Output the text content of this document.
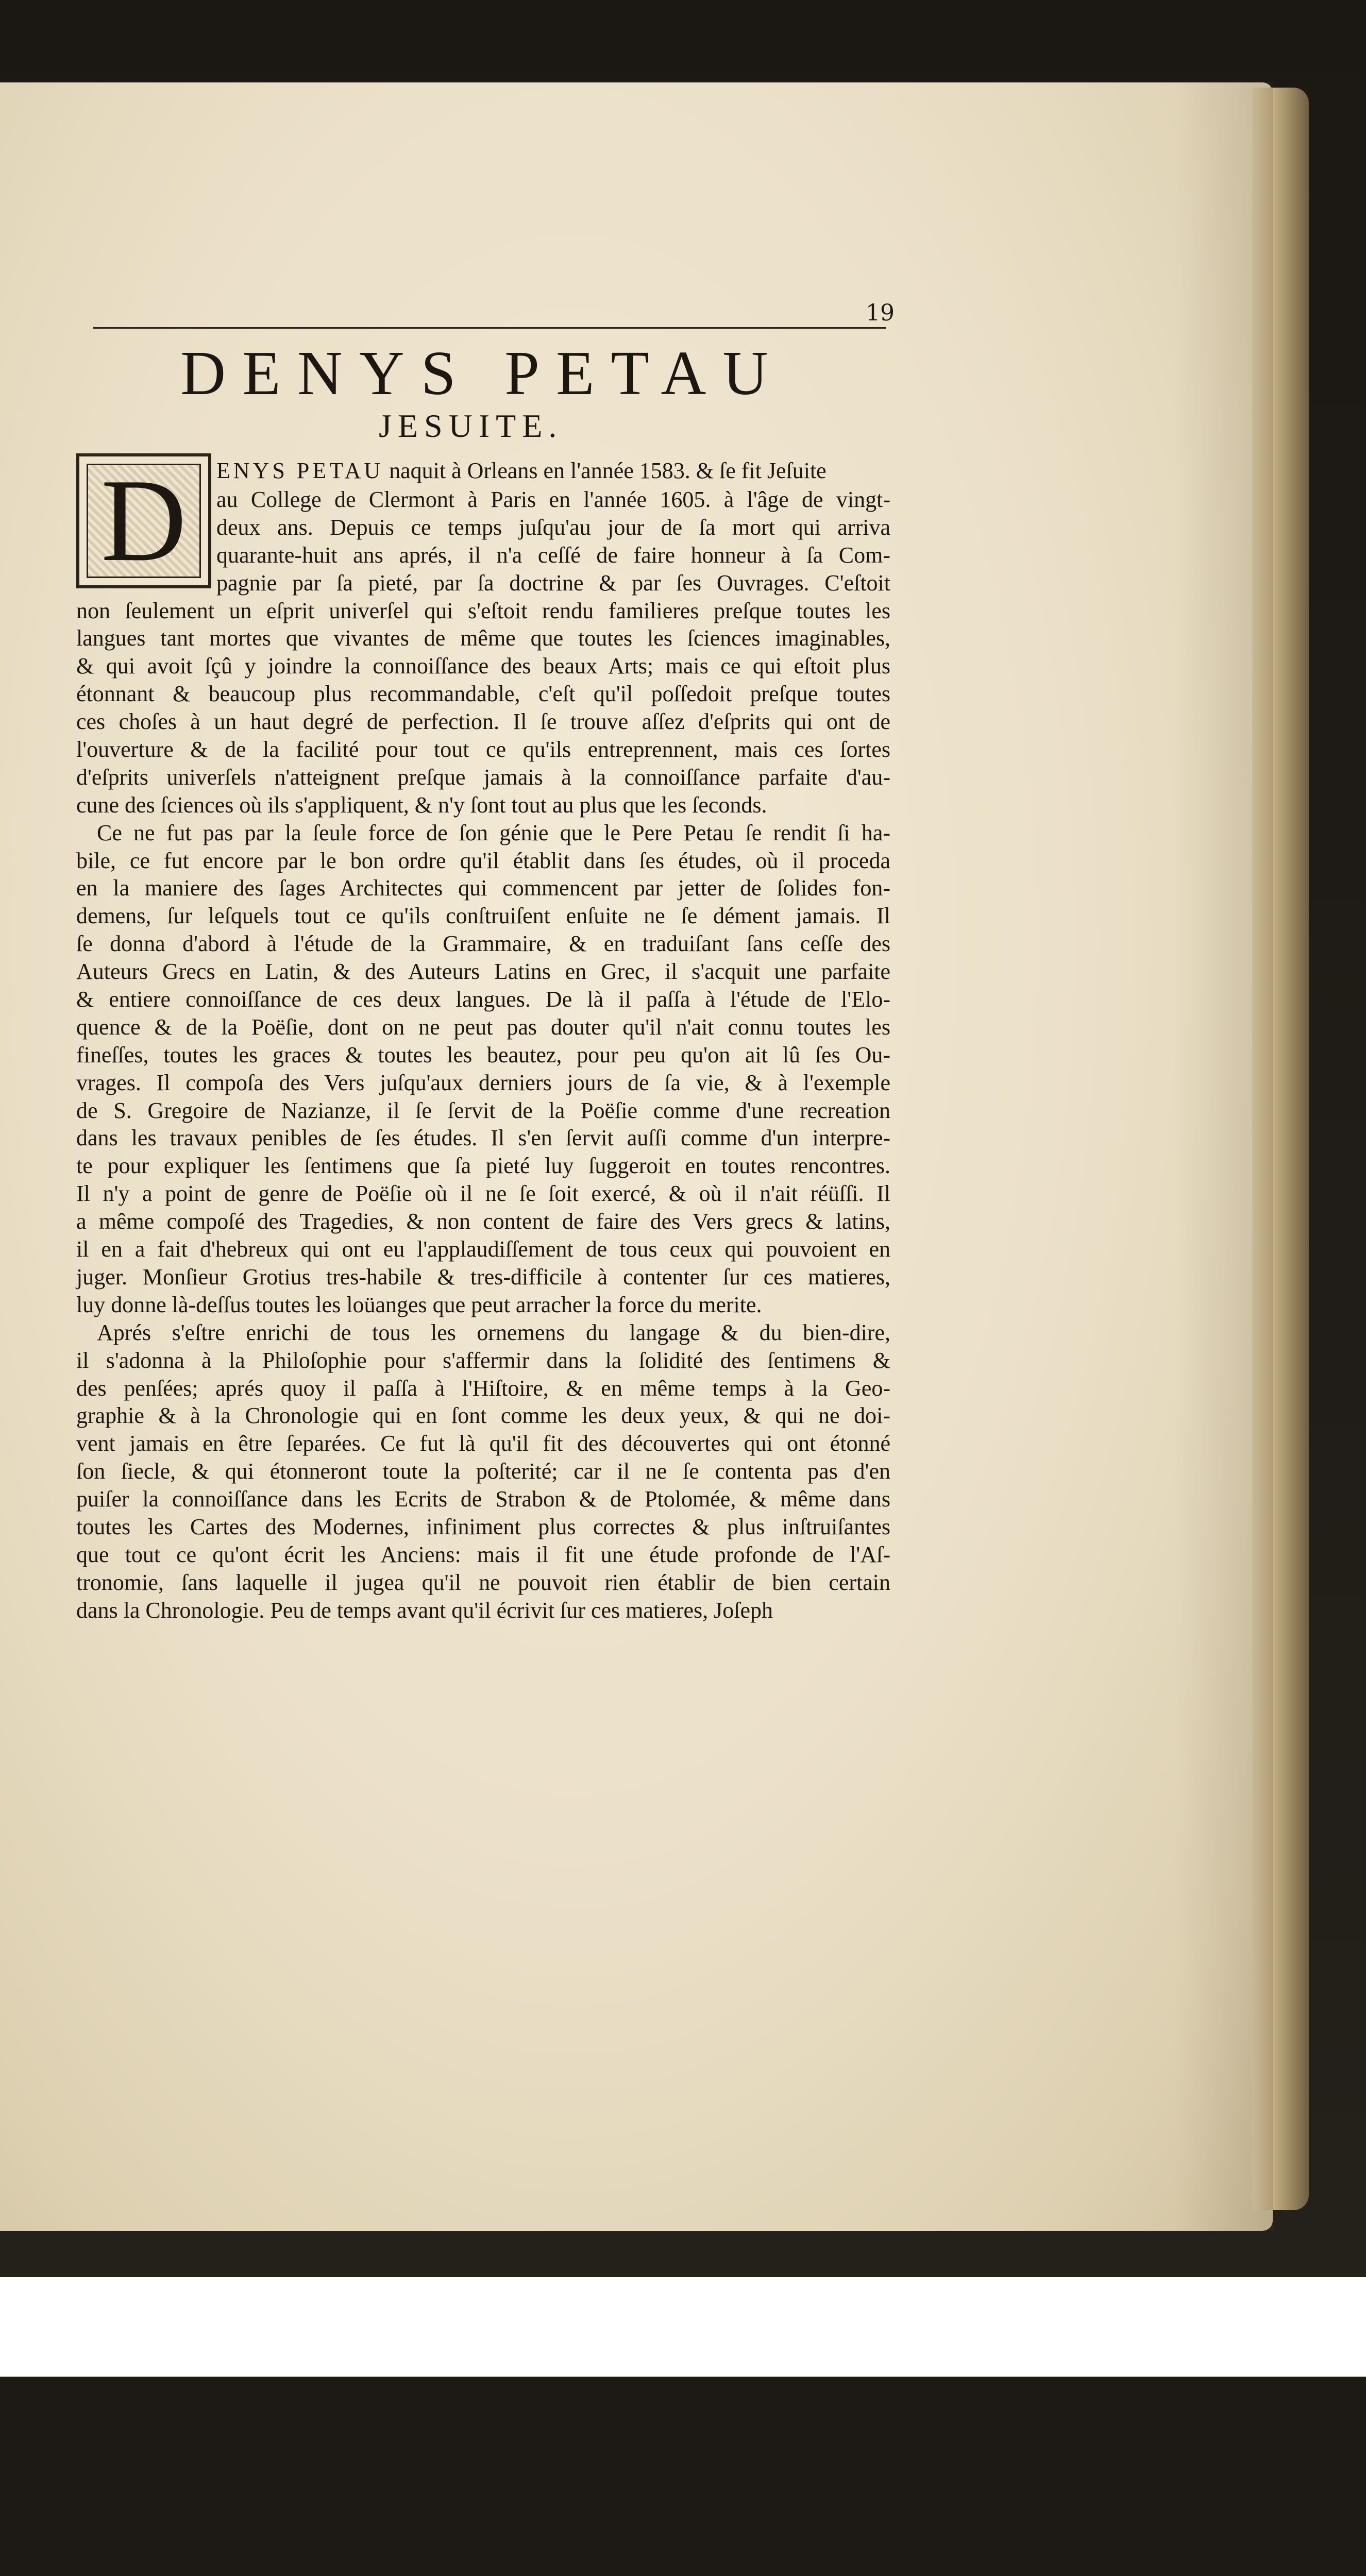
19
DENYS PETAU
JESUITE.
D	ENYS PETAU naquit à Orleans en l'année 1583. & ſe fit Jeſuite
au College de Clermont à Paris en l'année 1605. à l'âge de vingt-
deux ans. Depuis ce temps juſqu'au jour de ſa mort qui arriva
quarante-huit ans aprés, il n'a ceſſé de faire honneur à ſa Com-
pagnie par ſa pieté, par ſa doctrine & par ſes Ouvrages. C'eſtoit
non ſeulement un eſprit univerſel qui s'eſtoit rendu familieres preſque toutes les
langues tant mortes que vivantes de même que toutes les ſciences imaginables,
& qui avoit ſçû y joindre la connoiſſance des beaux Arts; mais ce qui eſtoit plus
étonnant & beaucoup plus recommandable, c'eſt qu'il poſſedoit preſque toutes
ces choſes à un haut degré de perfection. Il ſe trouve aſſez d'eſprits qui ont de
l'ouverture & de la facilité pour tout ce qu'ils entreprennent, mais ces ſortes
d'eſprits univerſels n'atteignent preſque jamais à la connoiſſance parfaite d'au-
cune des ſciences où ils s'appliquent, & n'y ſont tout au plus que les ſeconds.
Ce ne fut pas par la ſeule force de ſon génie que le Pere Petau ſe rendit ſi ha-
bile, ce fut encore par le bon ordre qu'il établit dans ſes études, où il proceda
en la maniere des ſages Architectes qui commencent par jetter de ſolides fon-
demens, ſur leſquels tout ce qu'ils conſtruiſent enſuite ne ſe dément jamais. Il
ſe donna d'abord à l'étude de la Grammaire, & en traduiſant ſans ceſſe des
Auteurs Grecs en Latin, & des Auteurs Latins en Grec, il s'acquit une parfaite
& entiere connoiſſance de ces deux langues. De là il paſſa à l'étude de l'Elo-
quence & de la Poëſie, dont on ne peut pas douter qu'il n'ait connu toutes les
fineſſes, toutes les graces & toutes les beautez, pour peu qu'on ait lû ſes Ou-
vrages. Il compoſa des Vers juſqu'aux derniers jours de ſa vie, & à l'exemple
de S. Gregoire de Nazianze, il ſe ſervit de la Poëſie comme d'une recreation
dans les travaux penibles de ſes études. Il s'en ſervit auſſi comme d'un interpre-
te pour expliquer les ſentimens que ſa pieté luy ſuggeroit en toutes rencontres.
Il n'y a point de genre de Poëſie où il ne ſe ſoit exercé, & où il n'ait réüſſi. Il
a même compoſé des Tragedies, & non content de faire des Vers grecs & latins,
il en a fait d'hebreux qui ont eu l'applaudiſſement de tous ceux qui pouvoient en
juger. Monſieur Grotius tres-habile & tres-difficile à contenter ſur ces matieres,
luy donne là-deſſus toutes les loüanges que peut arracher la force du merite.
Aprés s'eſtre enrichi de tous les ornemens du langage & du bien-dire,
il s'adonna à la Philoſophie pour s'affermir dans la ſolidité des ſentimens &
des penſées; aprés quoy il paſſa à l'Hiſtoire, & en même temps à la Geo-
graphie & à la Chronologie qui en ſont comme les deux yeux, & qui ne doi-
vent jamais en être ſeparées. Ce fut là qu'il fit des découvertes qui ont étonné
ſon ſiecle, & qui étonneront toute la poſterité; car il ne ſe contenta pas d'en
puiſer la connoiſſance dans les Ecrits de Strabon & de Ptolomée, & même dans
toutes les Cartes des Modernes, infiniment plus correctes & plus inſtruiſantes
que tout ce qu'ont écrit les Anciens: mais il fit une étude profonde de l'Aſ-
tronomie, ſans laquelle il jugea qu'il ne pouvoit rien établir de bien certain
dans la Chronologie. Peu de temps avant qu'il écrivit ſur ces matieres, Joſeph
